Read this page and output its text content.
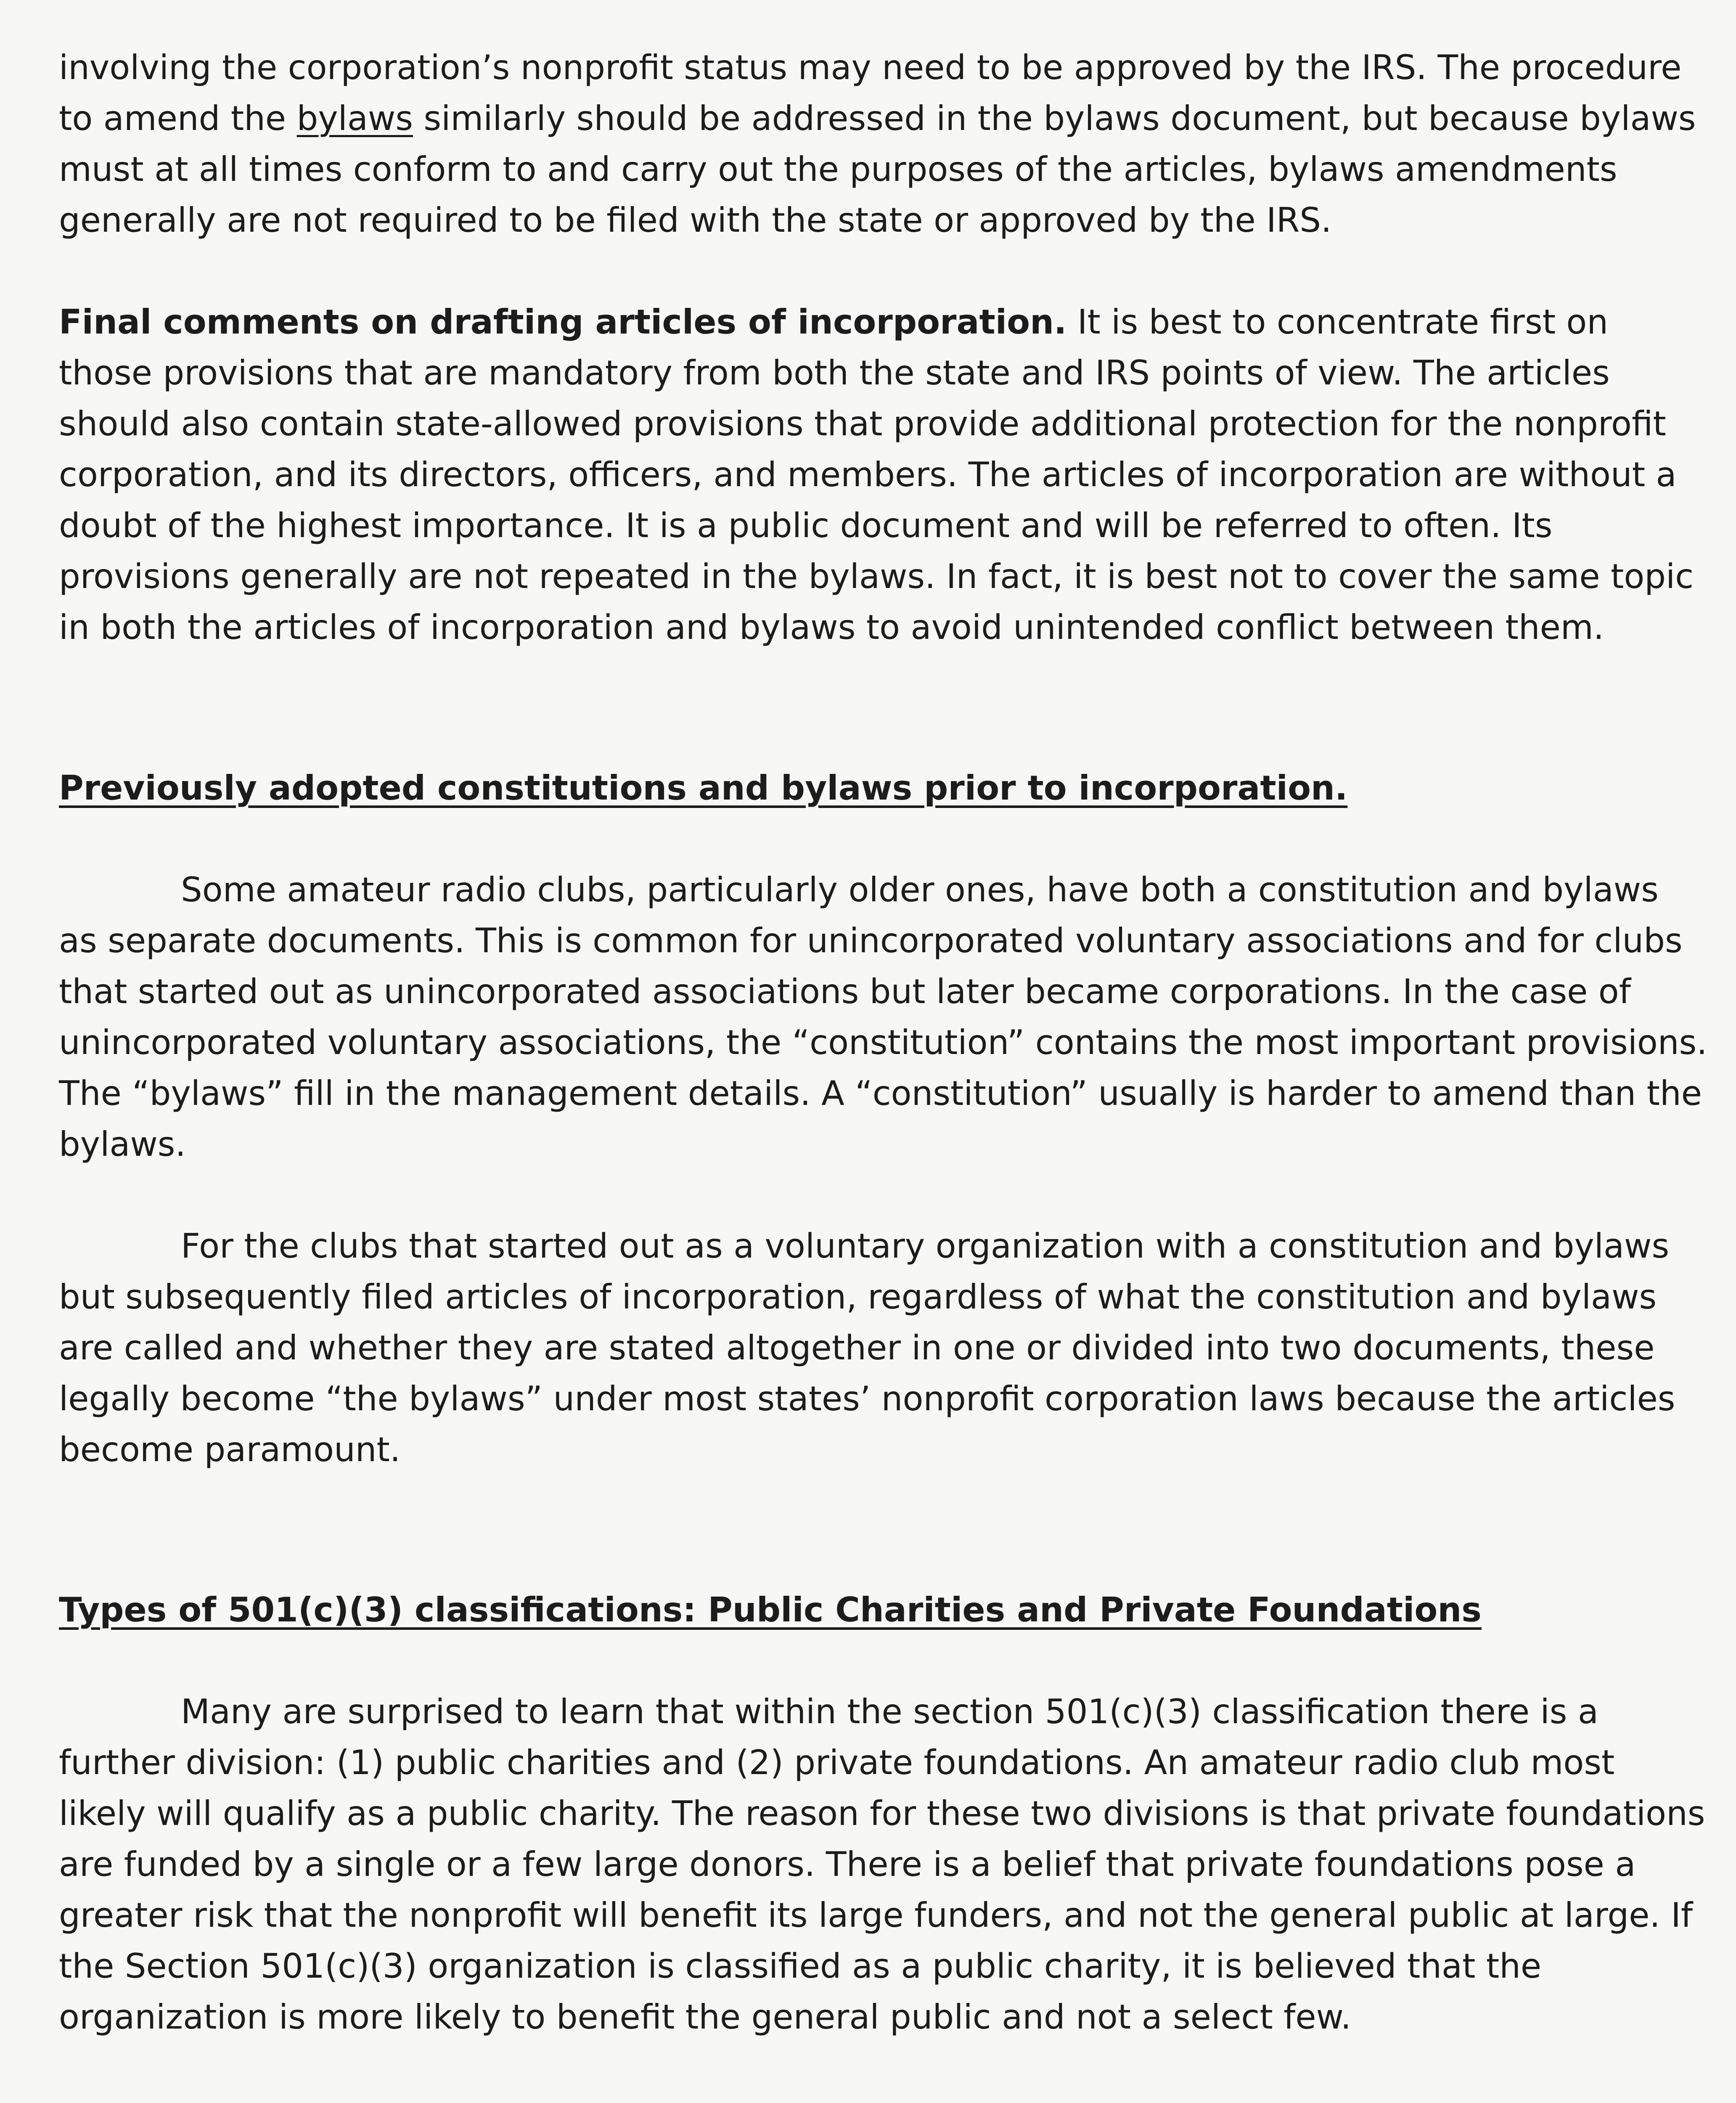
involving the corporation’s nonprofit status may need to be approved by the IRS. The procedure to amend the bylaws similarly should be addressed in the bylaws document, but because bylaws must at all times conform to and carry out the purposes of the articles, bylaws amendments generally are not required to be filed with the state or approved by the IRS.

Final comments on drafting articles of incorporation. It is best to concentrate first on those provisions that are mandatory from both the state and IRS points of view. The articles should also contain state-allowed provisions that provide additional protection for the nonprofit corporation, and its directors, officers, and members. The articles of incorporation are without a doubt of the highest importance. It is a public document and will be referred to often. Its provisions generally are not repeated in the bylaws. In fact, it is best not to cover the same topic in both the articles of incorporation and bylaws to avoid unintended conflict between them.

Previously adopted constitutions and bylaws prior to incorporation.

Some amateur radio clubs, particularly older ones, have both a constitution and bylaws as separate documents. This is common for unincorporated voluntary associations and for clubs that started out as unincorporated associations but later became corporations. In the case of unincorporated voluntary associations, the “constitution” contains the most important provisions. The “bylaws” fill in the management details. A “constitution” usually is harder to amend than the bylaws.

For the clubs that started out as a voluntary organization with a constitution and bylaws but subsequently filed articles of incorporation, regardless of what the constitution and bylaws are called and whether they are stated altogether in one or divided into two documents, these legally become “the bylaws” under most states’ nonprofit corporation laws because the articles become paramount.

Types of 501(c)(3) classifications: Public Charities and Private Foundations

Many are surprised to learn that within the section 501(c)(3) classification there is a further division: (1) public charities and (2) private foundations. An amateur radio club most likely will qualify as a public charity. The reason for these two divisions is that private foundations are funded by a single or a few large donors. There is a belief that private foundations pose a greater risk that the nonprofit will benefit its large funders, and not the general public at large. If the Section 501(c)(3) organization is classified as a public charity, it is believed that the organization is more likely to benefit the general public and not a select few.
